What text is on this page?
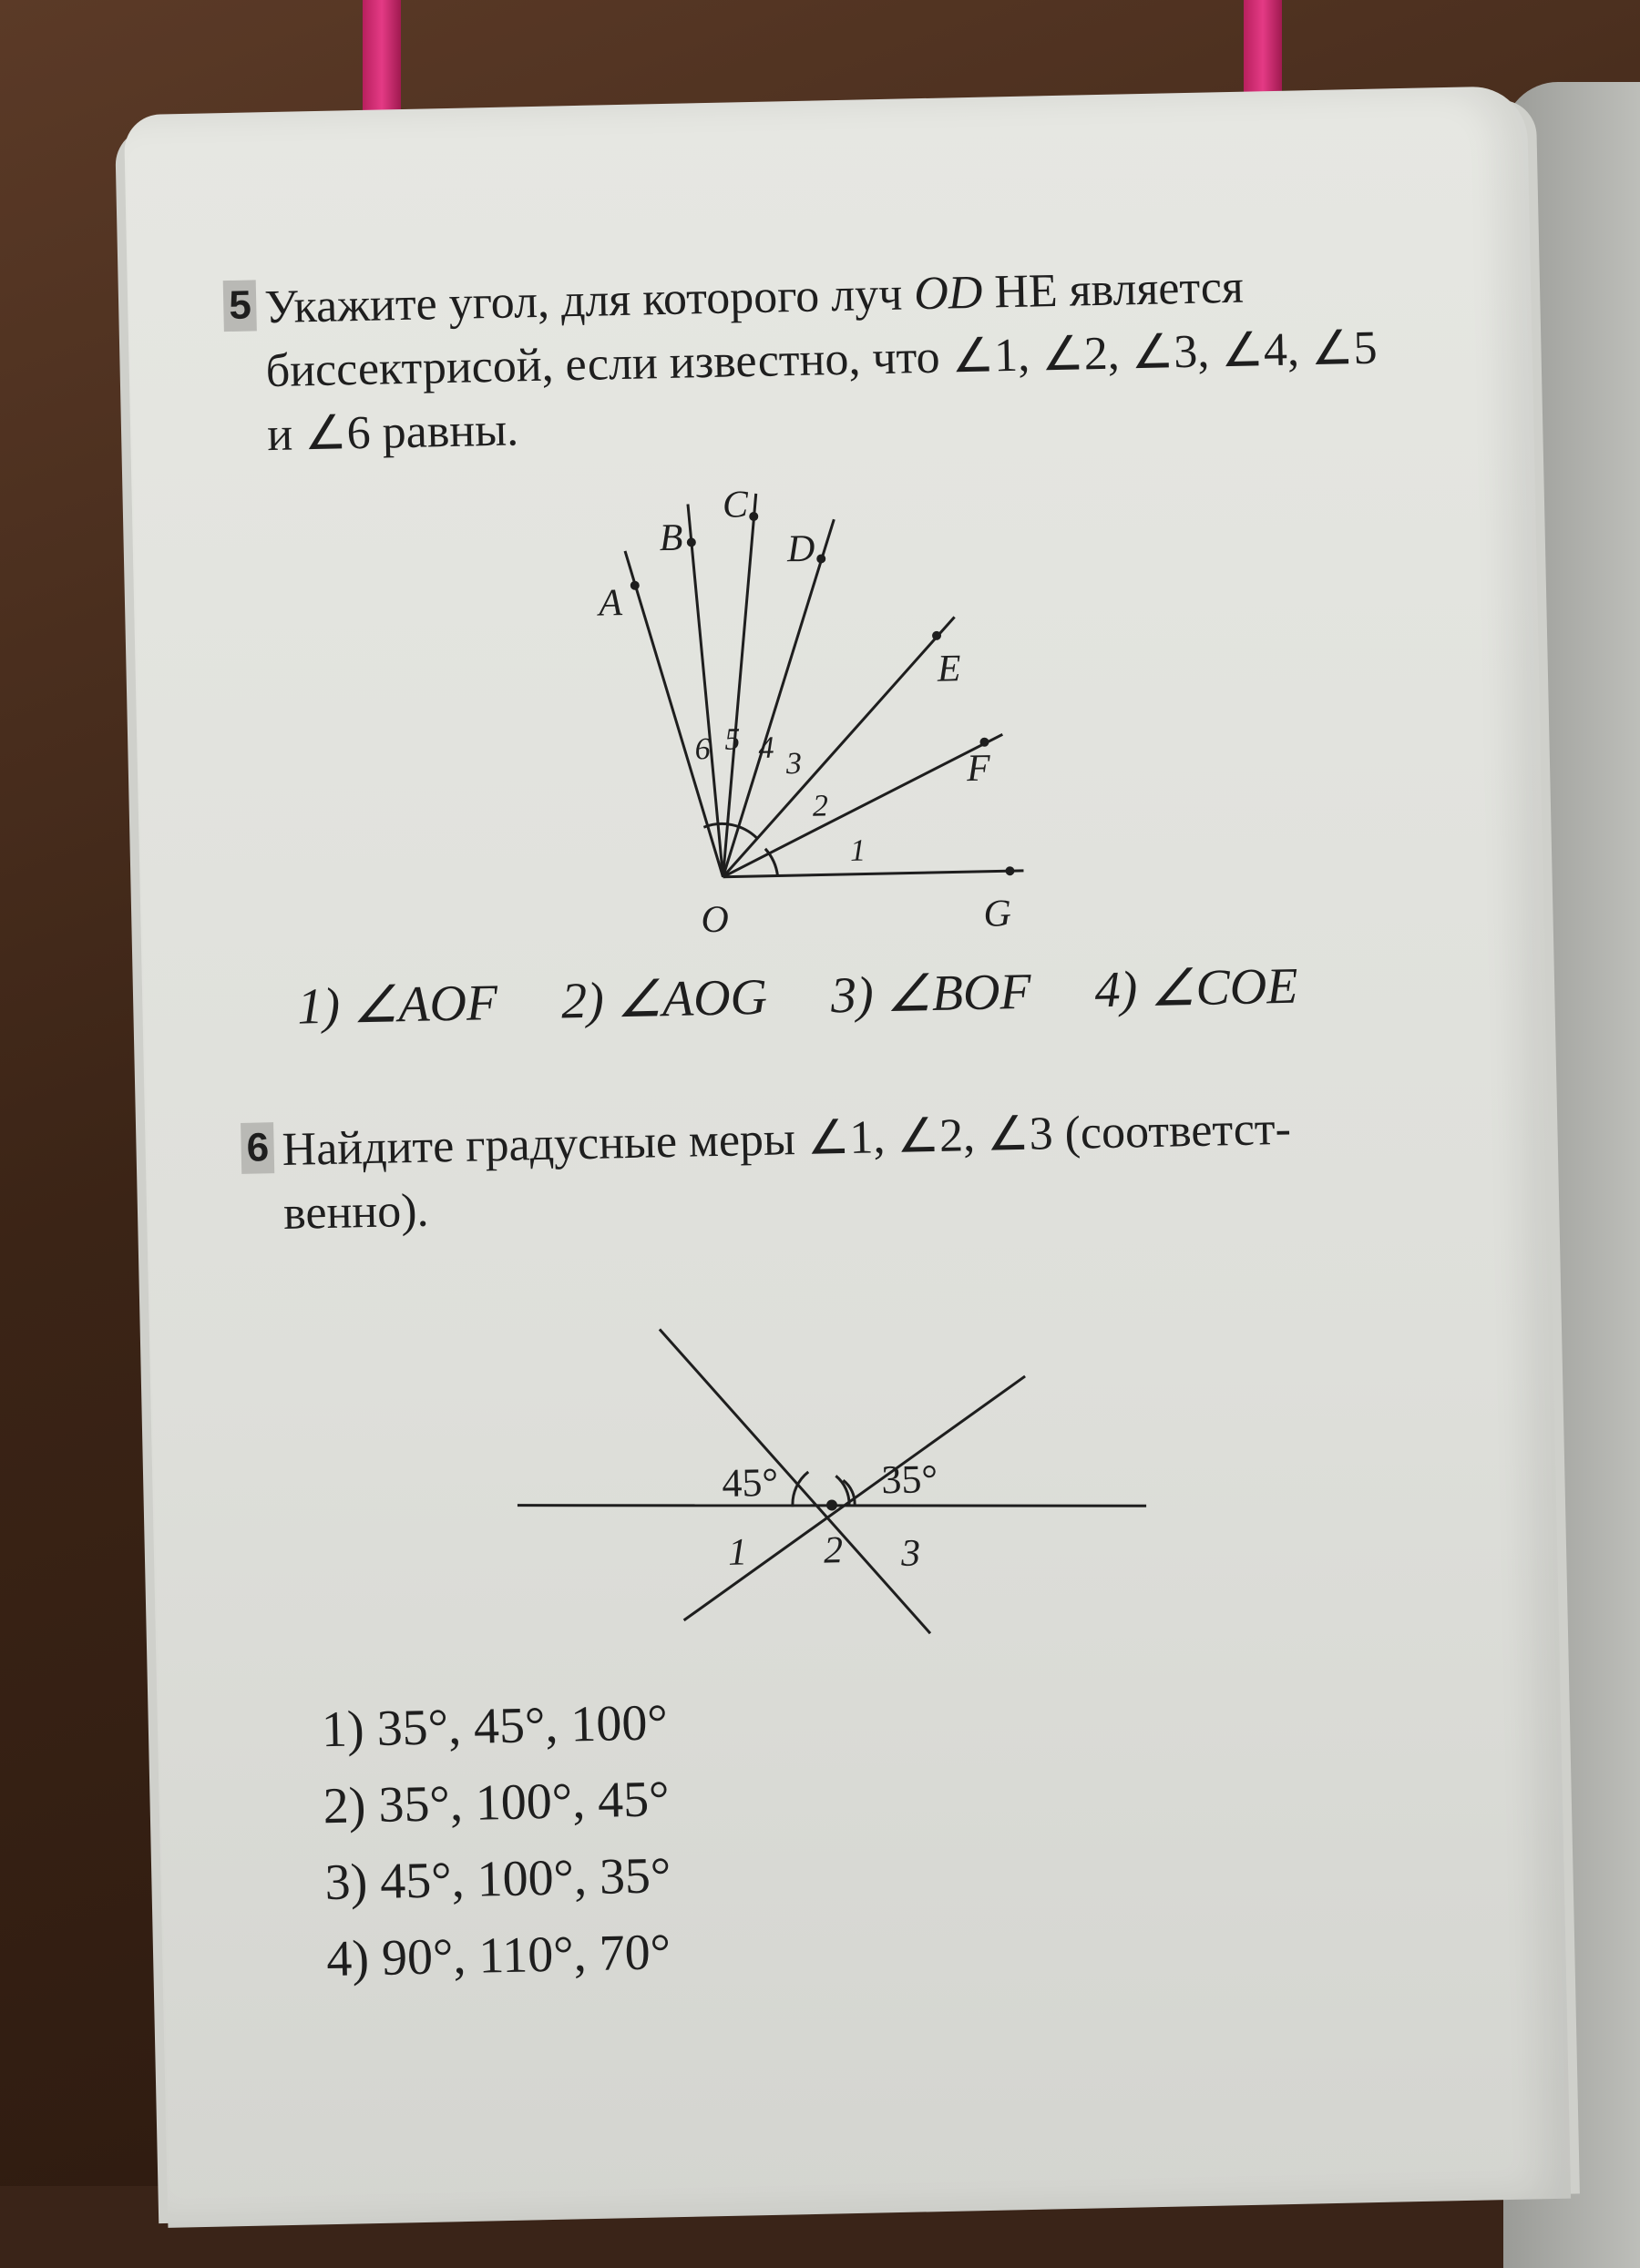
5 Укажите угол, для которого луч OD НЕ является
биссектрисой, если известно, что ∠1, ∠2, ∠3, ∠4, ∠5
и ∠6 равны.
A
B
C
D
E
F
G
O
1
2
3
4
5
6
1) ∠AOF 2) ∠AOG 3) ∠BOF 4) ∠COE
6 Найдите градусные меры ∠1, ∠2, ∠3 (соответст-
венно).
45°	35°
1 2 3
1) 35°, 45°, 100°
2) 35°, 100°, 45°
3) 45°, 100°, 35°
4) 90°, 110°, 70°
